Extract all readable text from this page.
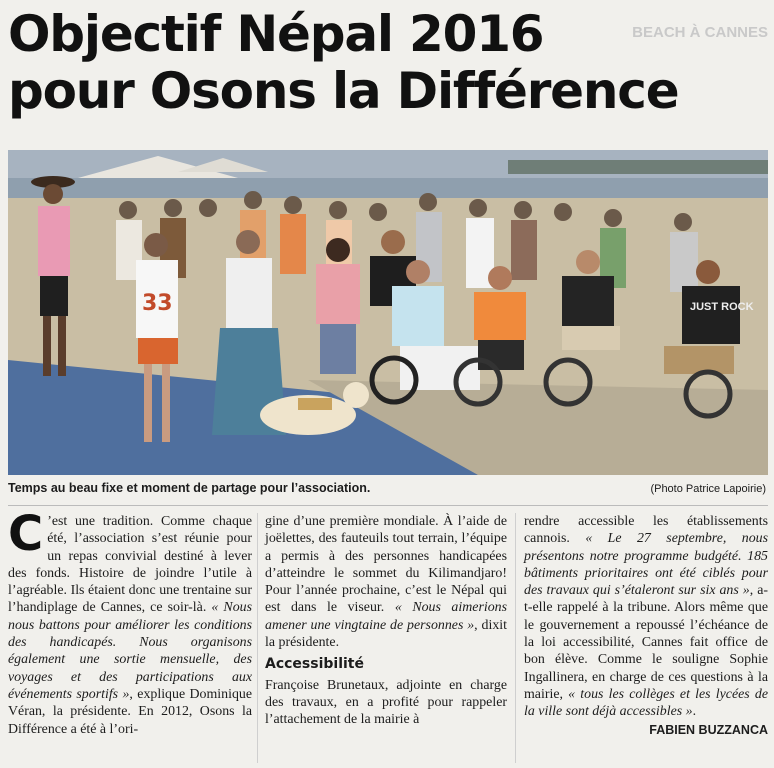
BEACH À CANNES
Objectif Népal 2016
pour Osons la Différence
33	JUST ROCK
Temps au beau fixe et moment de partage pour l’association.	(Photo Patrice Lapoirie)

C ’est une tradition. Comme chaque été, l’association s’est réunie pour un repas convivial destiné à lever des fonds. Histoire de joindre l’utile à l’agréable. Ils étaient donc une trentaine sur l’handiplage de Cannes, ce soir-là. « Nous nous battons pour améliorer les conditions des handicapés. Nous organisons également une sortie mensuelle, des voyages et des participations aux événements sportifs », explique Dominique Véran, la présidente. En 2012, Osons la Différence a été à l’ori-

gine d’une première mondiale. À l’aide de joëlettes, des fauteuils tout terrain, l’équipe a permis à des personnes handicapées d’atteindre le sommet du Kilimandjaro! Pour l’année prochaine, c’est le Népal qui est dans le viseur. « Nous aimerions amener une vingtaine de personnes », dixit la présidente.

Accessibilité

Françoise Brunetaux, adjointe en charge des travaux, en a profité pour rappeler l’attachement de la mairie à

rendre accessible les établissements cannois. « Le 27 septembre, nous présentons notre programme budgété. 185 bâtiments prioritaires ont été ciblés pour des travaux qui s’étaleront sur six ans », a-t-elle rappelé à la tribune. Alors même que le gouvernement a repoussé l’échéance de la loi accessibilité, Cannes fait office de bon élève. Comme le souligne Sophie Ingallinera, en charge de ces questions à la mairie, « tous les collèges et les lycées de la ville sont déjà accessibles ».

FABIEN BUZZANCA
